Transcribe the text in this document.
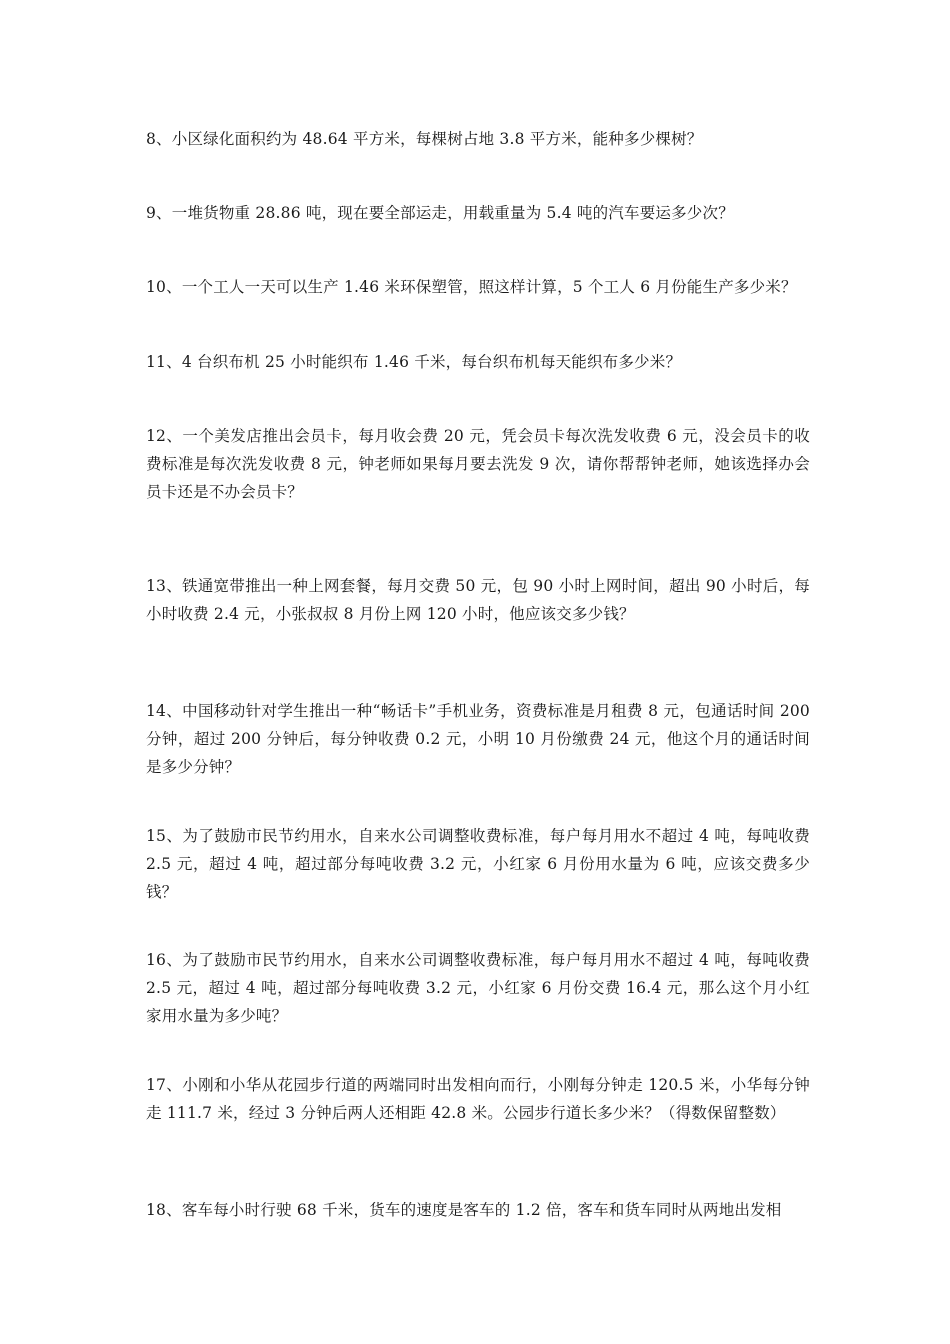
8、小区绿化面积约为 48.64 平方米，每棵树占地 3.8 平方米，能种多少棵树？

9、一堆货物重 28.86 吨，现在要全部运走，用载重量为 5.4 吨的汽车要运多少次？

10、一个工人一天可以生产 1.46 米环保塑管，照这样计算，5 个工人 6 月份能生产多少米？

11、4 台织布机 25 小时能织布 1.46 千米，每台织布机每天能织布多少米？

12、一个美发店推出会员卡，每月收会费 20 元，凭会员卡每次洗发收费 6 元，没会员卡的收费标准是每次洗发收费 8 元，钟老师如果每月要去洗发 9 次，请你帮帮钟老师，她该选择办会员卡还是不办会员卡？

13、铁通宽带推出一种上网套餐，每月交费 50 元，包 90 小时上网时间，超出 90 小时后，每小时收费 2.4 元，小张叔叔 8 月份上网 120 小时，他应该交多少钱？

14、中国移动针对学生推出一种“畅话卡”手机业务，资费标准是月租费 8 元，包通话时间 200 分钟，超过 200 分钟后，每分钟收费 0.2 元，小明 10 月份缴费 24 元，他这个月的通话时间是多少分钟？

15、为了鼓励市民节约用水，自来水公司调整收费标准，每户每月用水不超过 4 吨，每吨收费 2.5 元，超过 4 吨，超过部分每吨收费 3.2 元，小红家 6 月份用水量为 6 吨，应该交费多少钱？

16、为了鼓励市民节约用水，自来水公司调整收费标准，每户每月用水不超过 4 吨，每吨收费 2.5 元，超过 4 吨，超过部分每吨收费 3.2 元，小红家 6 月份交费 16.4 元，那么这个月小红家用水量为多少吨？

17、小刚和小华从花园步行道的两端同时出发相向而行，小刚每分钟走 120.5 米，小华每分钟走 111.7 米，经过 3 分钟后两人还相距 42.8 米。公园步行道长多少米？（得数保留整数）

18、客车每小时行驶 68 千米，货车的速度是客车的 1.2 倍，客车和货车同时从两地出发相
